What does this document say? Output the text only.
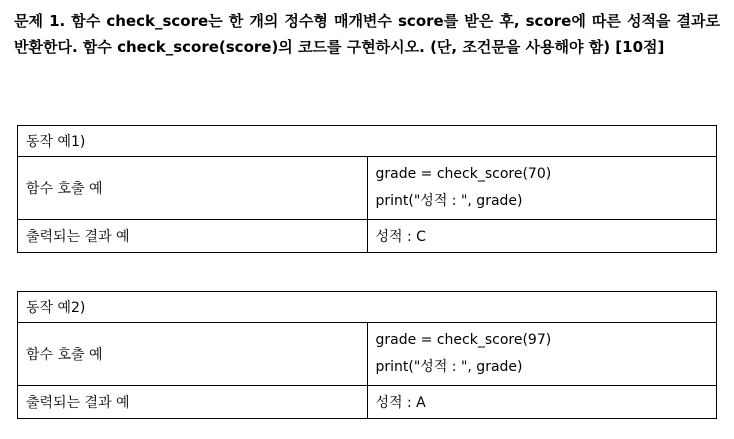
문제 1. 함수 check_score는 한 개의 정수형 매개변수 score를 받은 후, score에 따른 성적을 결과로 반환한다. 함수 check_score(score)의 코드를 구현하시오. (단, 조건문을 사용해야 함) [10점]
동작 예1)	
함수 호출 예	grade = check_score(70)
print("성적 : ", grade)

출력되는 결과 예	성적 : C
동작 예2)	
함수 호출 예	grade = check_score(97)
print("성적 : ", grade)

출력되는 결과 예	성적 : A
